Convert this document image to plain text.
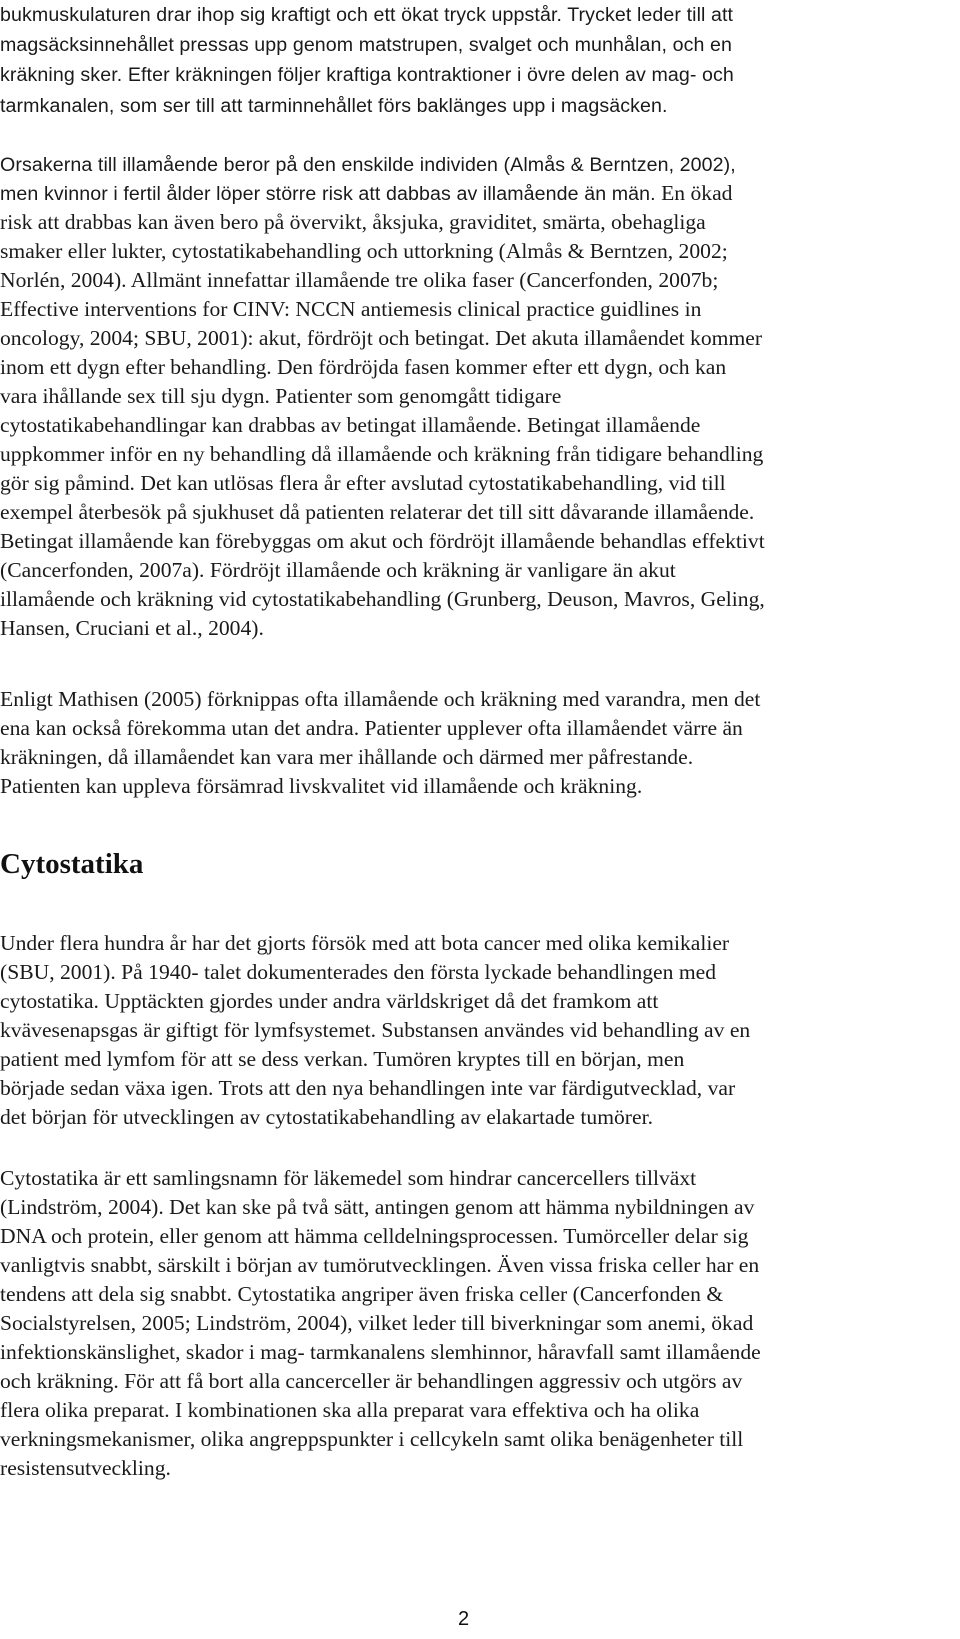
bukmuskulaturen drar ihop sig kraftigt och ett ökat tryck uppstår. Trycket leder till att
magsäcksinnehållet pressas upp genom matstrupen, svalget och munhålan, och en
kräkning sker. Efter kräkningen följer kraftiga kontraktioner i övre delen av mag- och
tarmkanalen, som ser till att tarminnehållet förs baklänges upp i magsäcken.
Orsakerna till illamående beror på den enskilde individen (Almås & Berntzen, 2002),
men kvinnor i fertil ålder löper större risk att dabbas av illamående än män. En ökad
risk att drabbas kan även bero på övervikt, åksjuka, graviditet, smärta, obehagliga
smaker eller lukter, cytostatikabehandling och uttorkning (Almås & Berntzen, 2002;
Norlén, 2004). Allmänt innefattar illamående tre olika faser (Cancerfonden, 2007b;
Effective interventions for CINV: NCCN antiemesis clinical practice guidlines in
oncology, 2004; SBU, 2001): akut, fördröjt och betingat. Det akuta illamåendet kommer
inom ett dygn efter behandling. Den fördröjda fasen kommer efter ett dygn, och kan
vara ihållande sex till sju dygn. Patienter som genomgått tidigare
cytostatikabehandlingar kan drabbas av betingat illamående. Betingat illamående
uppkommer inför en ny behandling då illamående och kräkning från tidigare behandling
gör sig påmind. Det kan utlösas flera år efter avslutad cytostatikabehandling, vid till
exempel återbesök på sjukhuset då patienten relaterar det till sitt dåvarande illamående.
Betingat illamående kan förebyggas om akut och fördröjt illamående behandlas effektivt
(Cancerfonden, 2007a). Fördröjt illamående och kräkning är vanligare än akut
illamående och kräkning vid cytostatikabehandling (Grunberg, Deuson, Mavros, Geling,
Hansen, Cruciani et al., 2004).
Enligt Mathisen (2005) förknippas ofta illamående och kräkning med varandra, men det
ena kan också förekomma utan det andra. Patienter upplever ofta illamåendet värre än
kräkningen, då illamåendet kan vara mer ihållande och därmed mer påfrestande.
Patienten kan uppleva försämrad livskvalitet vid illamående och kräkning.
Cytostatika
Under flera hundra år har det gjorts försök med att bota cancer med olika kemikalier
(SBU, 2001). På 1940- talet dokumenterades den första lyckade behandlingen med
cytostatika. Upptäckten gjordes under andra världskriget då det framkom att
kvävesenapsgas är giftigt för lymfsystemet. Substansen användes vid behandling av en
patient med lymfom för att se dess verkan. Tumören kryptes till en början, men
började sedan växa igen. Trots att den nya behandlingen inte var färdigutvecklad, var
det början för utvecklingen av cytostatikabehandling av elakartade tumörer.
Cytostatika är ett samlingsnamn för läkemedel som hindrar cancercellers tillväxt
(Lindström, 2004). Det kan ske på två sätt, antingen genom att hämma nybildningen av
DNA och protein, eller genom att hämma celldelningsprocessen. Tumörceller delar sig
vanligtvis snabbt, särskilt i början av tumörutvecklingen. Även vissa friska celler har en
tendens att dela sig snabbt. Cytostatika angriper även friska celler (Cancerfonden &
Socialstyrelsen, 2005; Lindström, 2004), vilket leder till biverkningar som anemi, ökad
infektionskänslighet, skador i mag- tarmkanalens slemhinnor, håravfall samt illamående
och kräkning. För att få bort alla cancerceller är behandlingen aggressiv och utgörs av
flera olika preparat. I kombinationen ska alla preparat vara effektiva och ha olika
verkningsmekanismer, olika angreppspunkter i cellcykeln samt olika benägenheter till
resistensutveckling.
2
